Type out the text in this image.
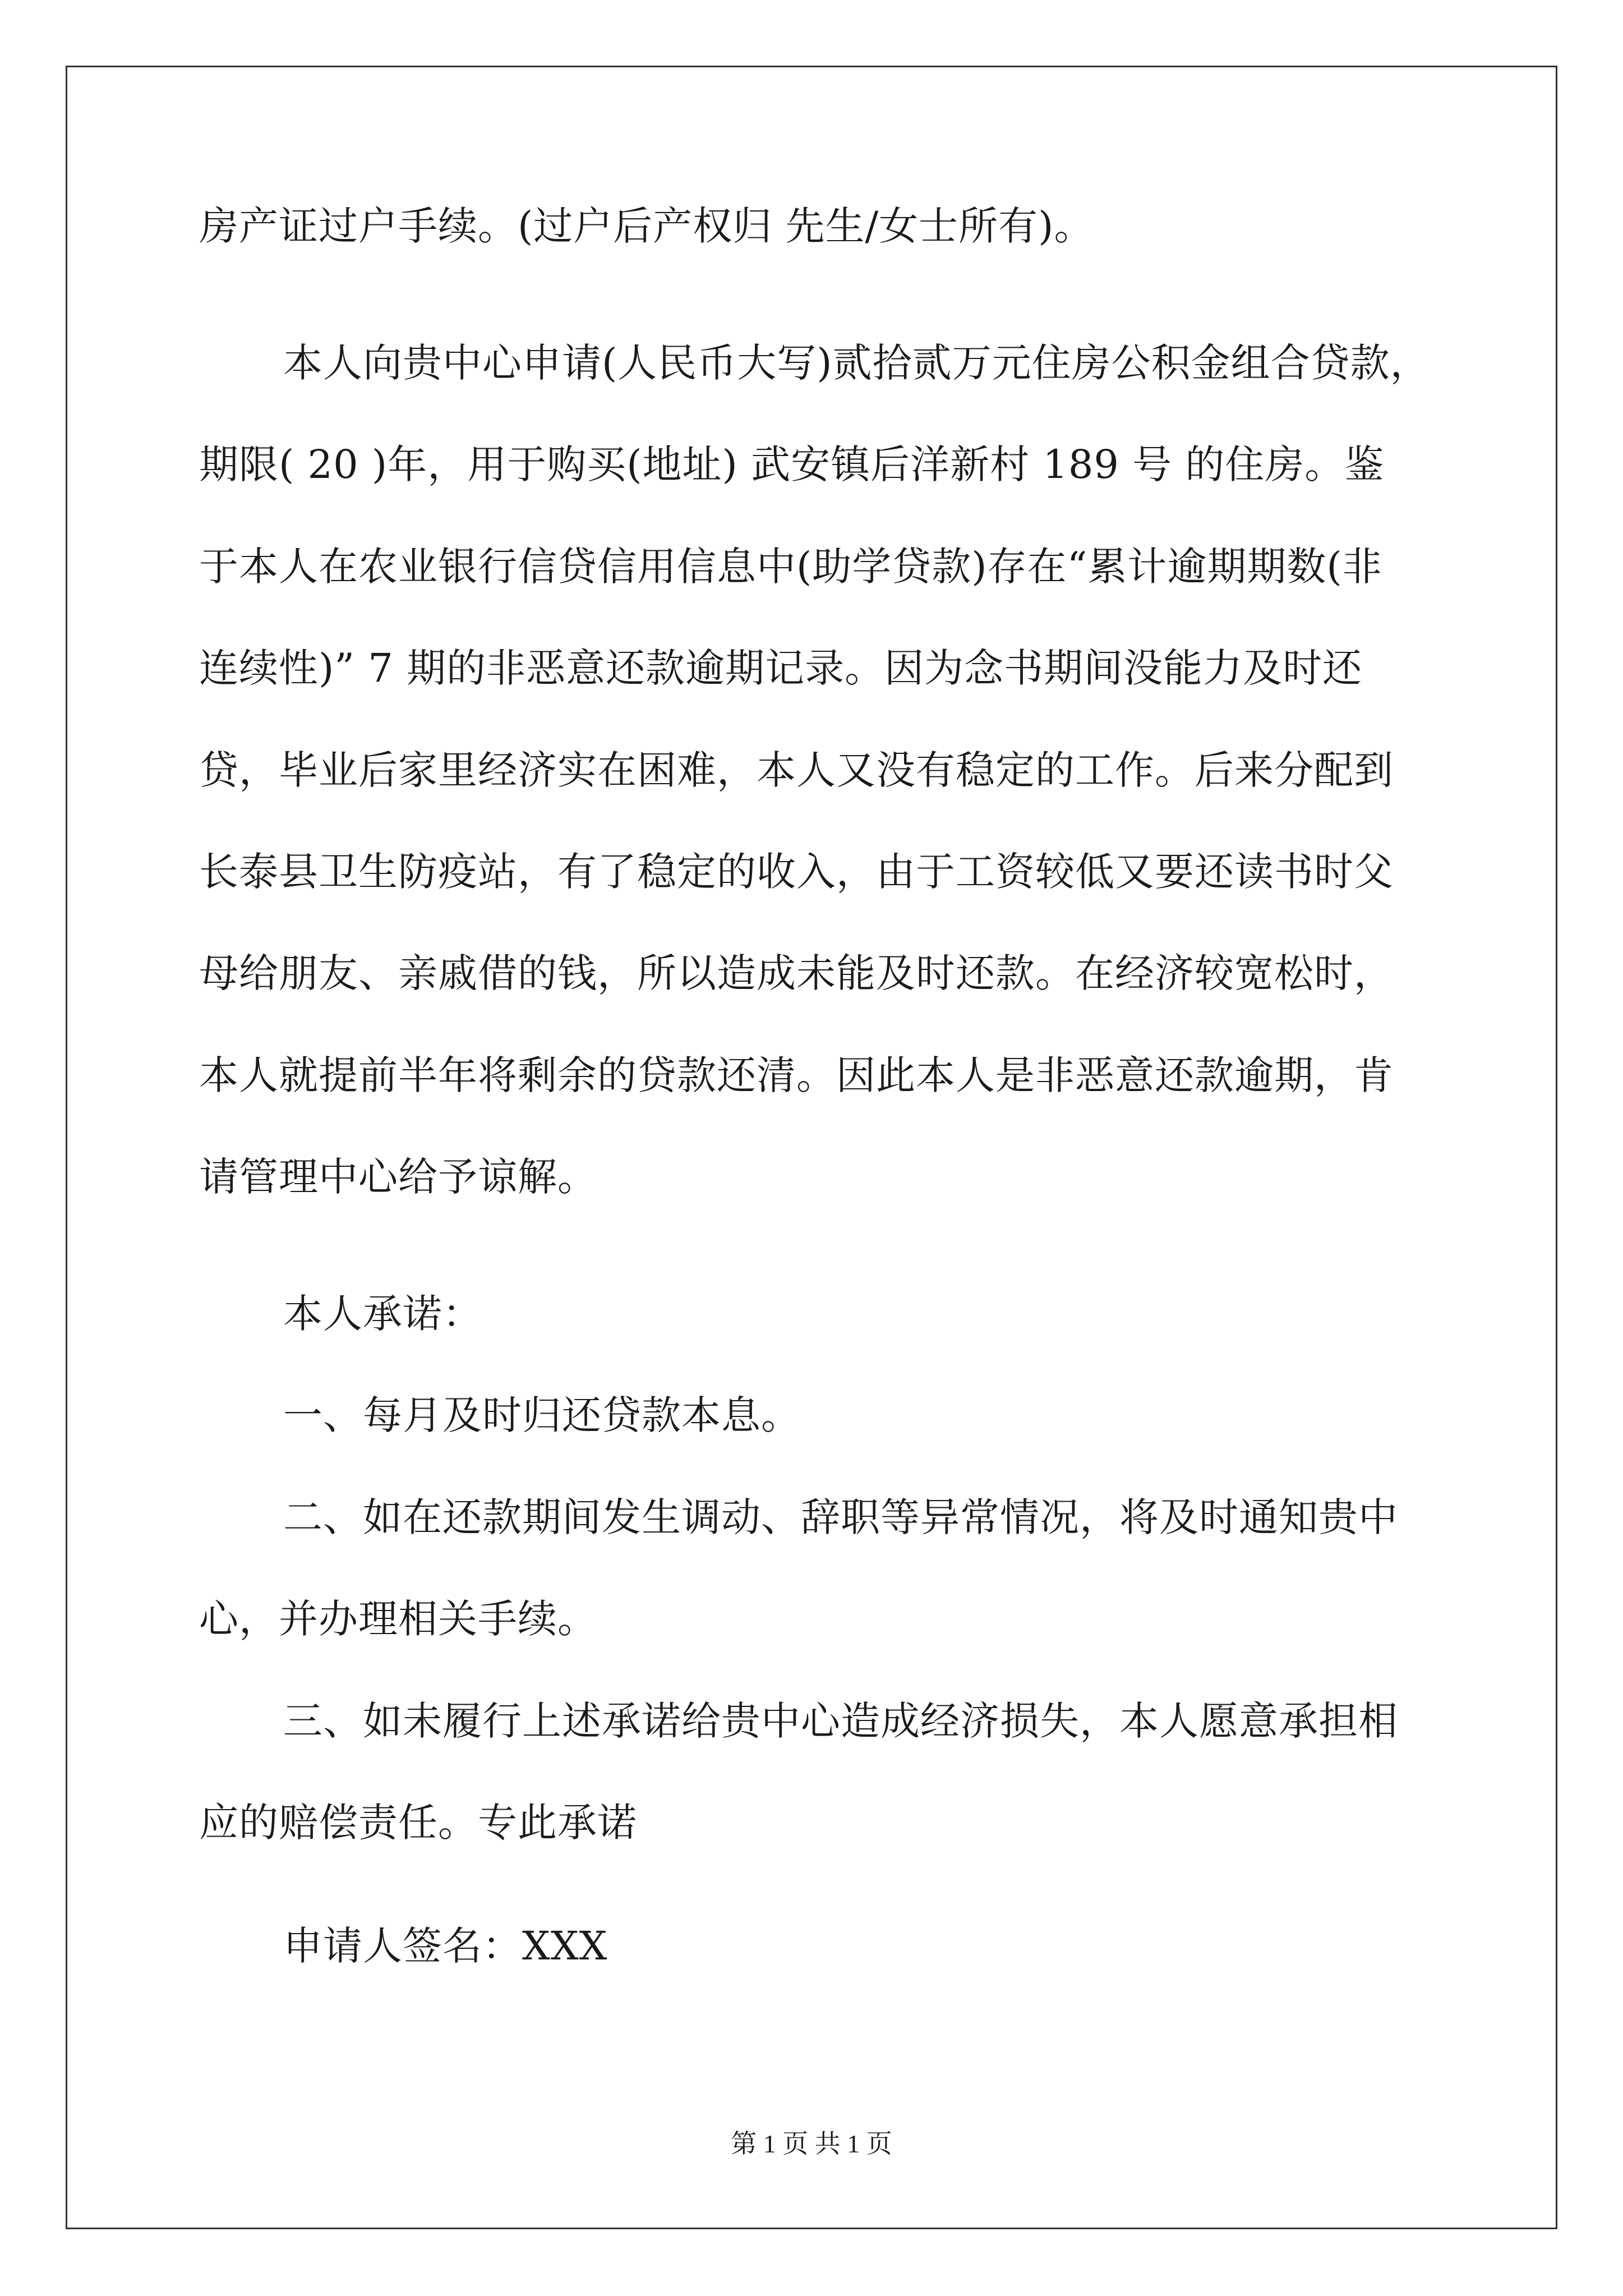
房产证过户手续。(过户后产权归 先生/女士所有)。
本人向贵中心申请(人民币大写)贰拾贰万元住房公积金组合贷款，
期限( 20 )年，用于购买(地址) 武安镇后洋新村 189 号 的住房。鉴
于本人在农业银行信贷信用信息中(助学贷款)存在“累计逾期期数(非
连续性)” 7 期的非恶意还款逾期记录。因为念书期间没能力及时还
贷，毕业后家里经济实在困难，本人又没有稳定的工作。后来分配到
长泰县卫生防疫站，有了稳定的收入，由于工资较低又要还读书时父
母给朋友、亲戚借的钱，所以造成未能及时还款。在经济较宽松时，
本人就提前半年将剩余的贷款还清。因此本人是非恶意还款逾期，肯
请管理中心给予谅解。
本人承诺：
一、每月及时归还贷款本息。
二、如在还款期间发生调动、辞职等异常情况，将及时通知贵中
心，并办理相关手续。
三、如未履行上述承诺给贵中心造成经济损失，本人愿意承担相
应的赔偿责任。专此承诺
申请人签名：XXX
第 1 页 共 1 页
